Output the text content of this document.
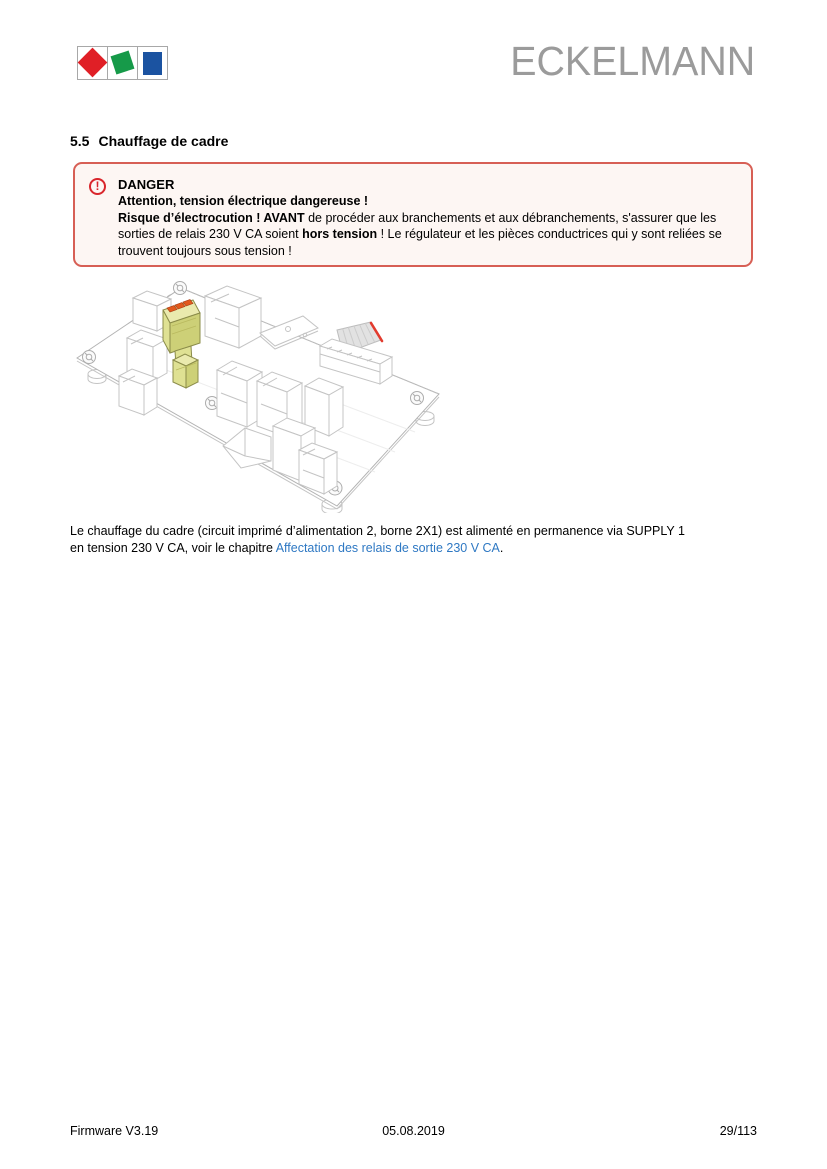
ECKELMANN
5.5 Chauffage de cadre
!	DANGER
Attention, tension électrique dangereuse !
Risque d’électrocution ! AVANT de procéder aux branchements et aux débranchements, s'assurer que les sorties de relais 230 V CA soient hors tension ! Le régulateur et les pièces conductrices qui y sont reliées se trouvent toujours sous tension !
Le chauffage du cadre (circuit imprimé d’alimentation 2, borne 2X1) est alimenté en permanence via SUPPLY 1
en tension 230 V CA, voir le chapitre Affectation des relais de sortie 230 V CA.
Firmware V3.19	05.08.2019	29/113
